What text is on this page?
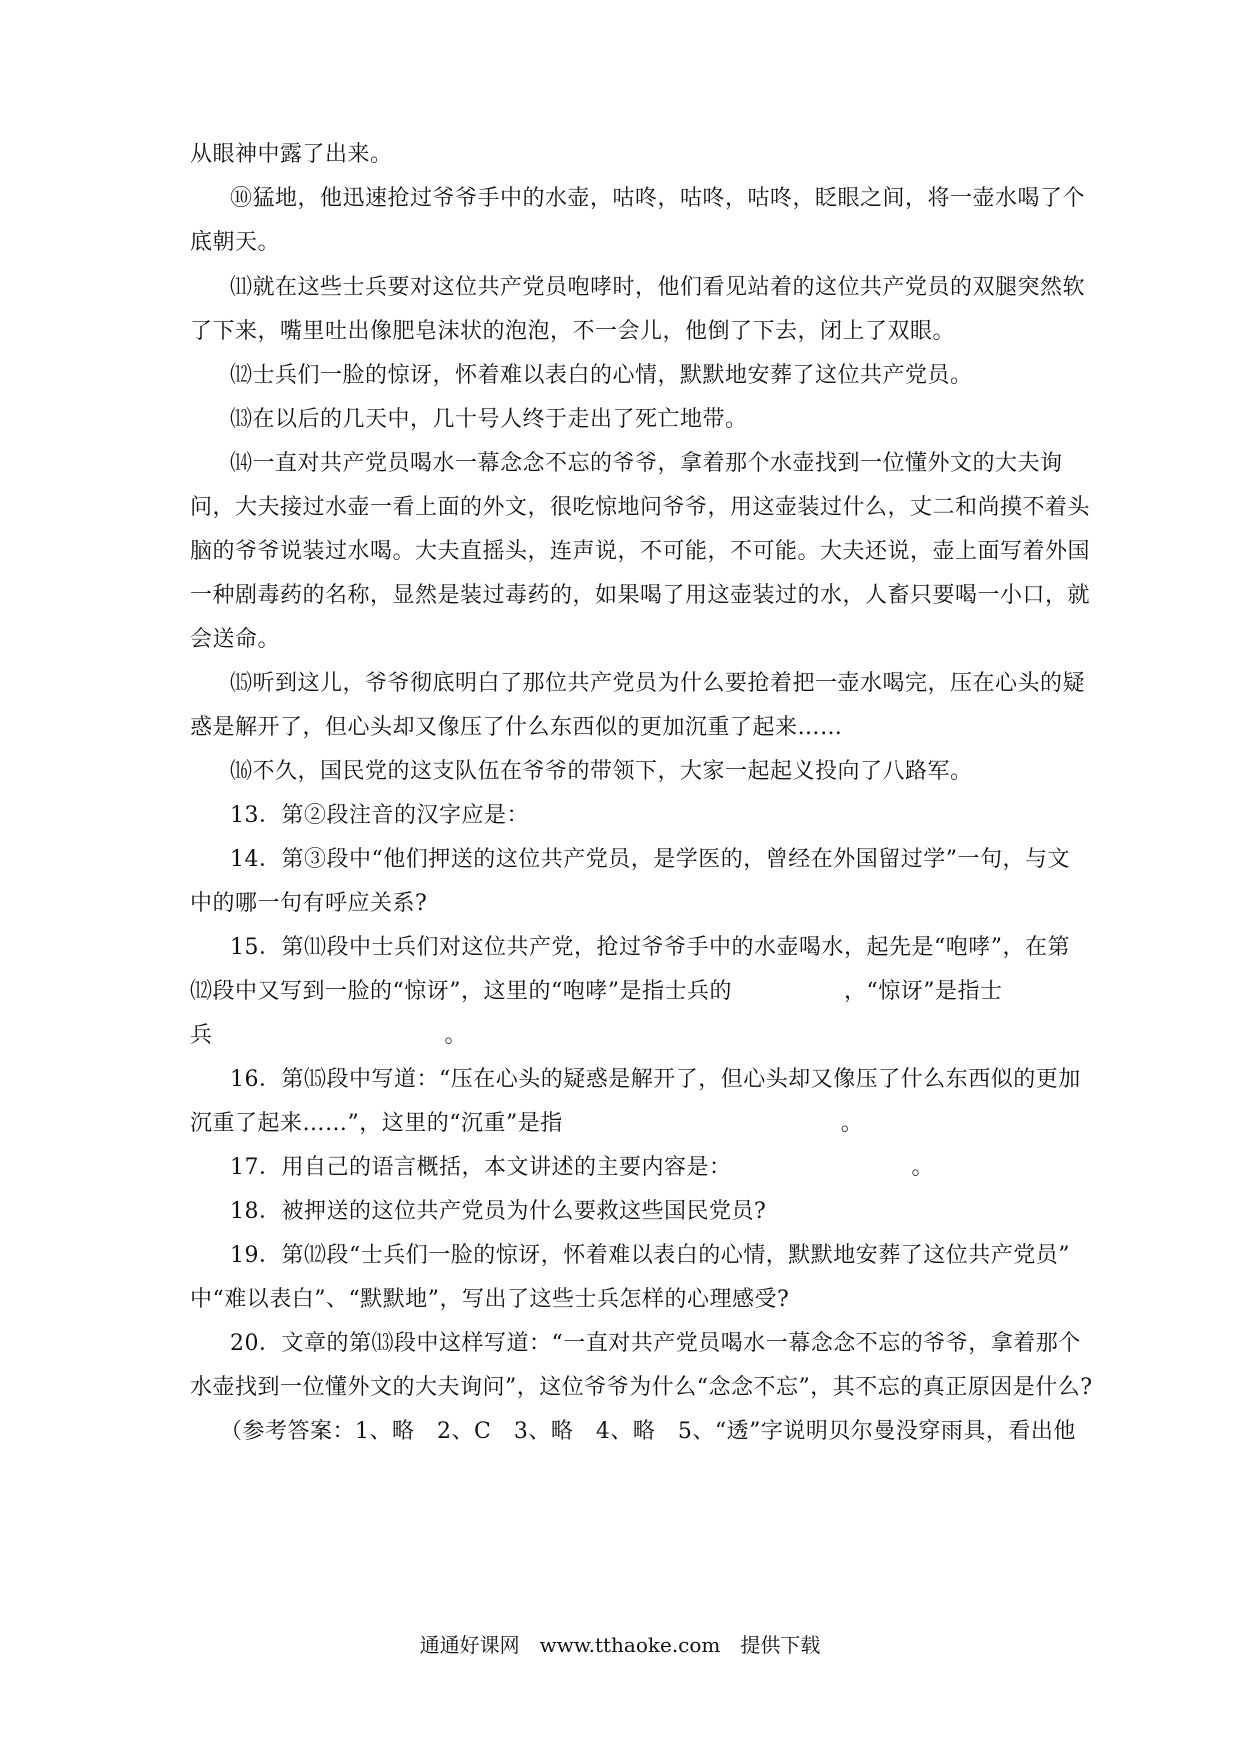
从眼神中露了出来。
⑩猛地，他迅速抢过爷爷手中的水壶，咕咚，咕咚，咕咚，眨眼之间，将一壶水喝了个
底朝天。
⑾就在这些士兵要对这位共产党员咆哮时，他们看见站着的这位共产党员的双腿突然软
了下来，嘴里吐出像肥皂沫状的泡泡，不一会儿，他倒了下去，闭上了双眼。
⑿士兵们一脸的惊讶，怀着难以表白的心情，默默地安葬了这位共产党员。
⒀在以后的几天中，几十号人终于走出了死亡地带。
⒁一直对共产党员喝水一幕念念不忘的爷爷，拿着那个水壶找到一位懂外文的大夫询
问，大夫接过水壶一看上面的外文，很吃惊地问爷爷，用这壶装过什么，丈二和尚摸不着头
脑的爷爷说装过水喝。大夫直摇头，连声说，不可能，不可能。大夫还说，壶上面写着外国
一种剧毒药的名称，显然是装过毒药的，如果喝了用这壶装过的水，人畜只要喝一小口，就
会送命。
⒂听到这儿，爷爷彻底明白了那位共产党员为什么要抢着把一壶水喝完，压在心头的疑
惑是解开了，但心头却又像压了什么东西似的更加沉重了起来……
⒃不久，国民党的这支队伍在爷爷的带领下，大家一起起义投向了八路军。
13．第②段注音的汉字应是：
14．第③段中“他们押送的这位共产党员，是学医的，曾经在外国留过学”一句，与文
中的哪一句有呼应关系?
15．第⑾段中士兵们对这位共产党，抢过爷爷手中的水壶喝水，起先是“咆哮”，在第
⑿段中又写到一脸的“惊讶”，这里的“咆哮”是指士兵的	，“惊讶”是指士
兵	。
16．第⒂段中写道：“压在心头的疑惑是解开了，但心头却又像压了什么东西似的更加
沉重了起来……”，这里的“沉重”是指	。
17．用自己的语言概括，本文讲述的主要内容是：	。
18．被押送的这位共产党员为什么要救这些国民党员?
19．第⑿段“士兵们一脸的惊讶，怀着难以表白的心情，默默地安葬了这位共产党员”
中“难以表白”、“默默地”，写出了这些士兵怎样的心理感受?
20．文章的第⒀段中这样写道：“一直对共产党员喝水一幕念念不忘的爷爷，拿着那个
水壶找到一位懂外文的大夫询问”，这位爷爷为什么“念念不忘”，其不忘的真正原因是什么?
（参考答案：1、略　2、C　3、略　4、略　5、“透”字说明贝尔曼没穿雨具，看出他
通通好课网　www.tthaoke.com　提供下载
